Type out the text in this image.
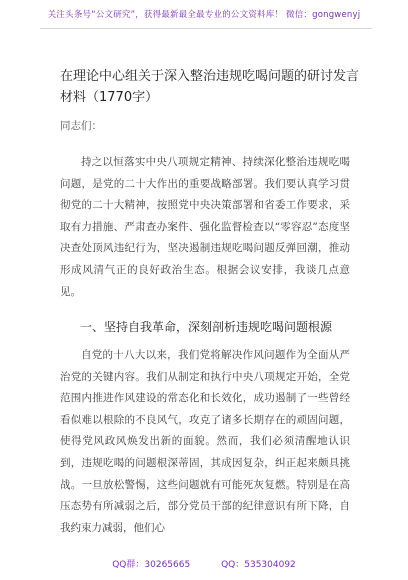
关注头条号“公文研究”，获得最新最全最专业的公文资料库！ 微信：gongwenyj
在理论中心组关于深入整治违规吃喝问题的研讨发言材料（1770字）
同志们：

持之以恒落实中央八项规定精神、持续深化整治违规吃喝问题，是党的二十大作出的重要战略部署。我们要认真学习贯彻党的二十大精神，按照党中央决策部署和省委工作要求，采取有力措施、严肃查办案件、强化监督检查以“零容忍”态度坚决查处顶风违纪行为，坚决遏制违规吃喝问题反弹回潮，推动形成风清气正的良好政治生态。根据会议安排，我谈几点意见。

一、坚持自我革命，深刻剖析违规吃喝问题根源

自党的十八大以来，我们党将解决作风问题作为全面从严治党的关键内容。我们从制定和执行中央八项规定开始，全党范围内推进作风建设的常态化和长效化，成功遏制了一些曾经看似难以根除的不良风气，攻克了诸多长期存在的顽固问题，使得党风政风焕发出新的面貌。然而，我们必须清醒地认识到，违规吃喝的问题根深蒂固，其成因复杂，纠正起来颇具挑战。一旦放松警惕，这些问题就有可能死灰复燃。特别是在高压态势有所减弱之后，部分党员干部的纪律意识有所下降，自我约束力减弱，他们心

QQ群：30265665	QQ：535304092
